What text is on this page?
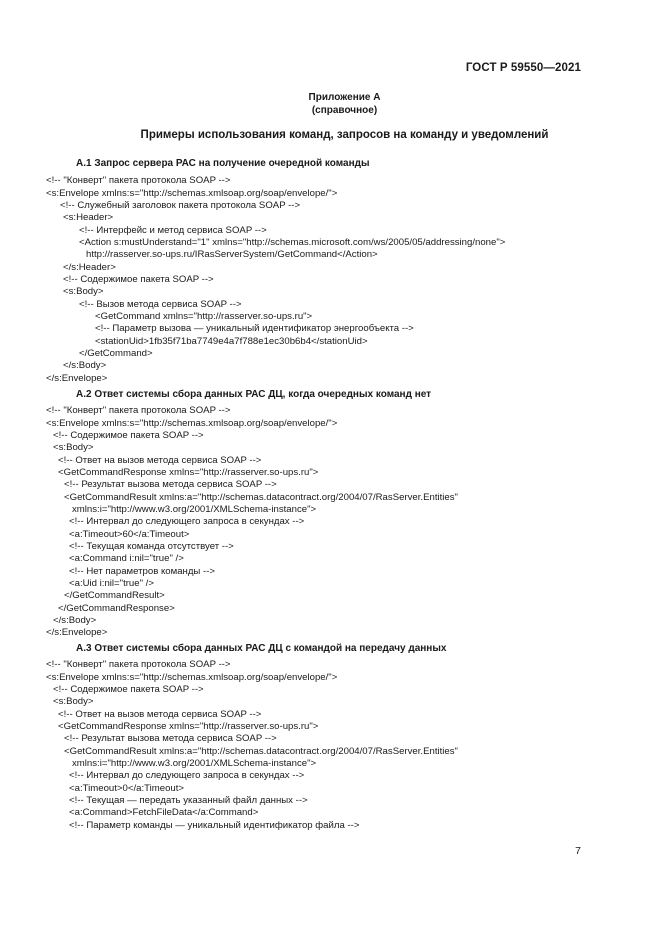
ГОСТ Р 59550—2021
Приложение А
(справочное)
Примеры использования команд, запросов на команду и уведомлений
А.1 Запрос сервера РАС на получение очередной команды
<!-- "Конверт" пакета протокола SOAP -->
<s:Envelope xmlns:s="http://schemas.xmlsoap.org/soap/envelope/">
<!-- Служебный заголовок пакета протокола SOAP -->
<s:Header>
<!-- Интерфейс и метод сервиса SOAP -->
<Action s:mustUnderstand="1" xmlns="http://schemas.microsoft.com/ws/2005/05/addressing/none">
http://rasserver.so-ups.ru/IRasServerSystem/GetCommand</Action>
</s:Header>
<!-- Содержимое пакета SOAP -->
<s:Body>
<!-- Вызов метода сервиса SOAP -->
<GetCommand xmlns="http://rasserver.so-ups.ru">
<!-- Параметр вызова — уникальный идентификатор энергообъекта -->
<stationUid>1fb35f71ba7749e4a7f788e1ec30b6b4</stationUid>
</GetCommand>
</s:Body>
</s:Envelope>
А.2 Ответ системы сбора данных РАС ДЦ, когда очередных команд нет
<!-- "Конверт" пакета протокола SOAP -->
<s:Envelope xmlns:s="http://schemas.xmlsoap.org/soap/envelope/">
<!-- Содержимое пакета SOAP -->
<s:Body>
<!-- Ответ на вызов метода сервиса SOAP -->
<GetCommandResponse xmlns="http://rasserver.so-ups.ru">
<!-- Результат вызова метода сервиса SOAP -->
<GetCommandResult xmlns:a="http://schemas.datacontract.org/2004/07/RasServer.Entities"
xmlns:i="http://www.w3.org/2001/XMLSchema-instance">
<!-- Интервал до следующего запроса в секундах -->
<a:Timeout>60</a:Timeout>
<!-- Текущая команда отсутствует -->
<a:Command i:nil="true" />
<!-- Нет параметров команды -->
<a:Uid i:nil="true" />
</GetCommandResult>
</GetCommandResponse>
</s:Body>
</s:Envelope>
А.3 Ответ системы сбора данных РАС ДЦ с командой на передачу данных
<!-- "Конверт" пакета протокола SOAP -->
<s:Envelope xmlns:s="http://schemas.xmlsoap.org/soap/envelope/">
<!-- Содержимое пакета SOAP -->
<s:Body>
<!-- Ответ на вызов метода сервиса SOAP -->
<GetCommandResponse xmlns="http://rasserver.so-ups.ru">
<!-- Результат вызова метода сервиса SOAP -->
<GetCommandResult xmlns:a="http://schemas.datacontract.org/2004/07/RasServer.Entities"
xmlns:i="http://www.w3.org/2001/XMLSchema-instance">
<!-- Интервал до следующего запроса в секундах -->
<a:Timeout>0</a:Timeout>
<!-- Текущая — передать указанный файл данных -->
<a:Command>FetchFileData</a:Command>
<!-- Параметр команды — уникальный идентификатор файла -->
7
